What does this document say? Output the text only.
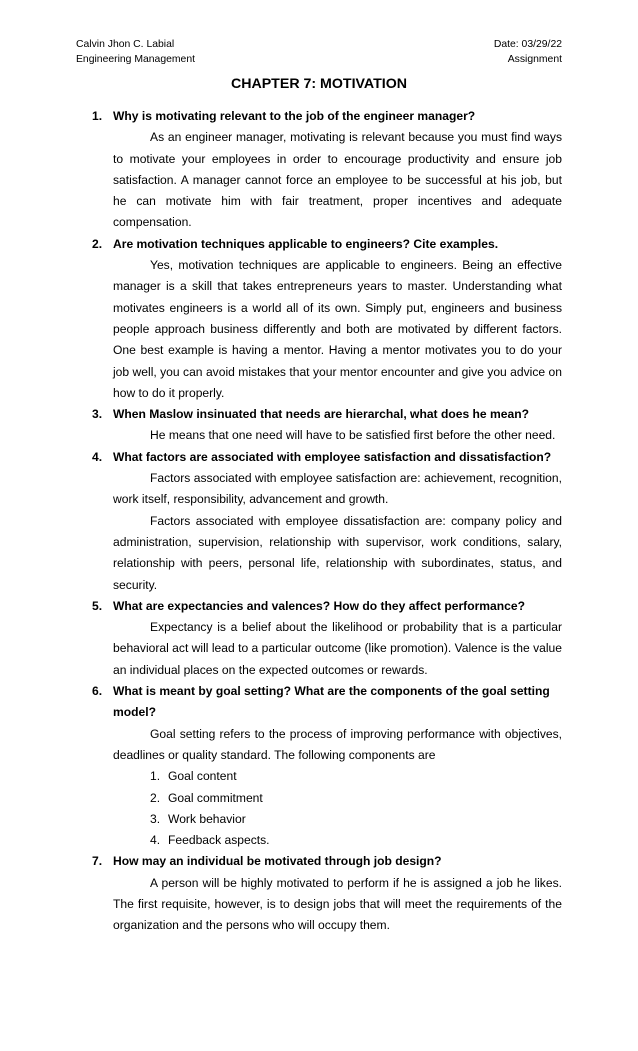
Calvin Jhon C. Labial
Engineering Management
Date: 03/29/22
Assignment
CHAPTER 7: MOTIVATION
1. Why is motivating relevant to the job of the engineer manager?

As an engineer manager, motivating is relevant because you must find ways to motivate your employees in order to encourage productivity and ensure job satisfaction. A manager cannot force an employee to be successful at his job, but he can motivate him with fair treatment, proper incentives and adequate compensation.

2. Are motivation techniques applicable to engineers? Cite examples.

Yes, motivation techniques are applicable to engineers. Being an effective manager is a skill that takes entrepreneurs years to master. Understanding what motivates engineers is a world all of its own. Simply put, engineers and business people approach business differently and both are motivated by different factors. One best example is having a mentor. Having a mentor motivates you to do your job well, you can avoid mistakes that your mentor encounter and give you advice on how to do it properly.

3. When Maslow insinuated that needs are hierarchal, what does he mean?

He means that one need will have to be satisfied first before the other need.

4. What factors are associated with employee satisfaction and dissatisfaction?

Factors associated with employee satisfaction are: achievement, recognition, work itself, responsibility, advancement and growth.

Factors associated with employee dissatisfaction are: company policy and administration, supervision, relationship with supervisor, work conditions, salary, relationship with peers, personal life, relationship with subordinates, status, and security.

5. What are expectancies and valences? How do they affect performance?

Expectancy is a belief about the likelihood or probability that is a particular behavioral act will lead to a particular outcome (like promotion). Valence is the value an individual places on the expected outcomes or rewards.

6. What is meant by goal setting? What are the components of the goal setting model?

Goal setting refers to the process of improving performance with objectives, deadlines or quality standard. The following components are

1. Goal content
2. Goal commitment
3. Work behavior
4. Feedback aspects.
7. How may an individual be motivated through job design?

A person will be highly motivated to perform if he is assigned a job he likes. The first requisite, however, is to design jobs that will meet the requirements of the organization and the persons who will occupy them.
